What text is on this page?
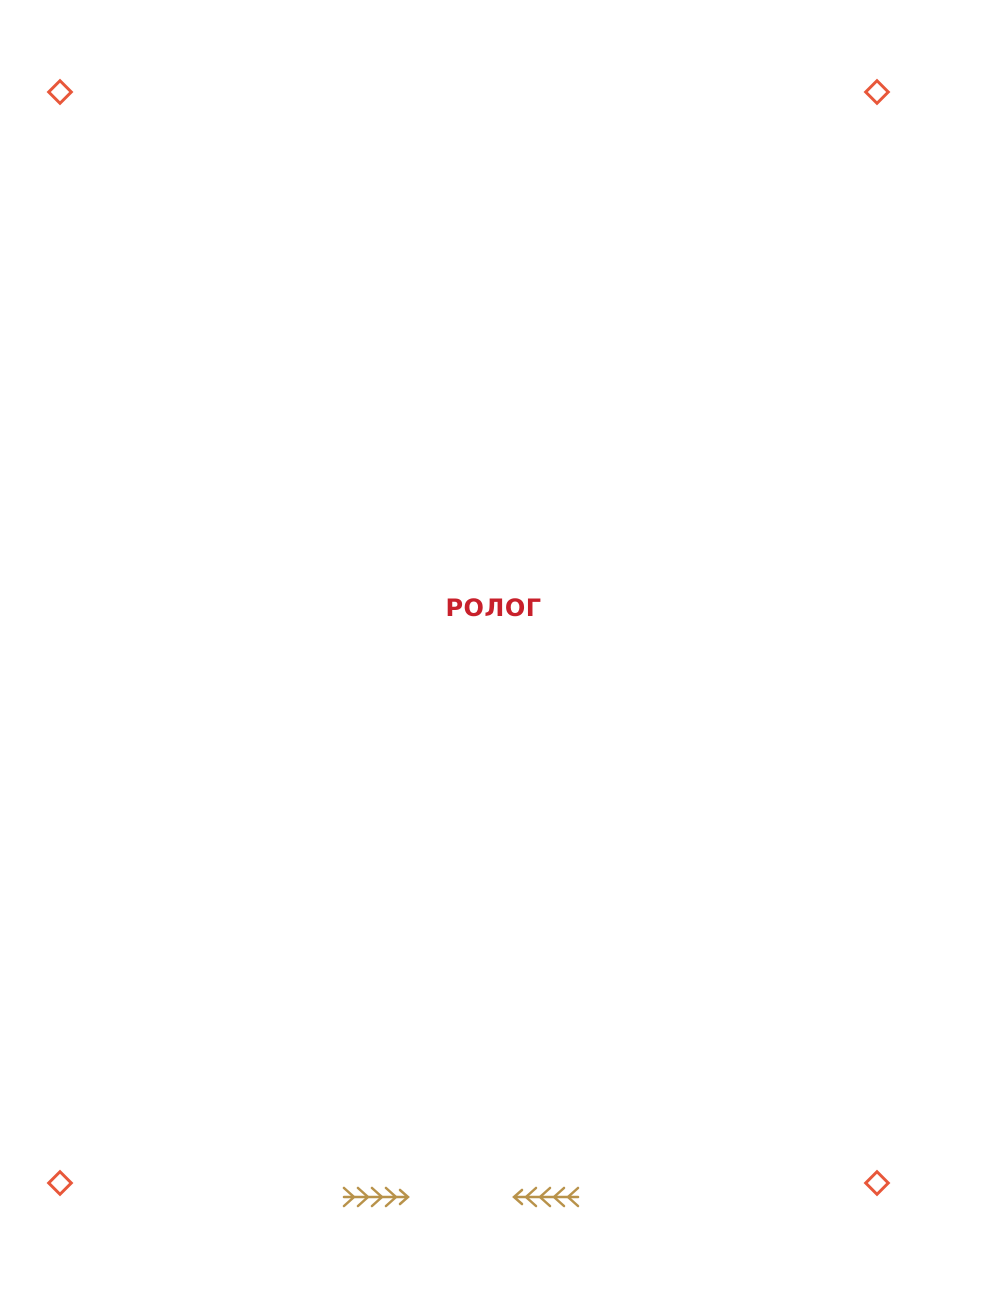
ролог
